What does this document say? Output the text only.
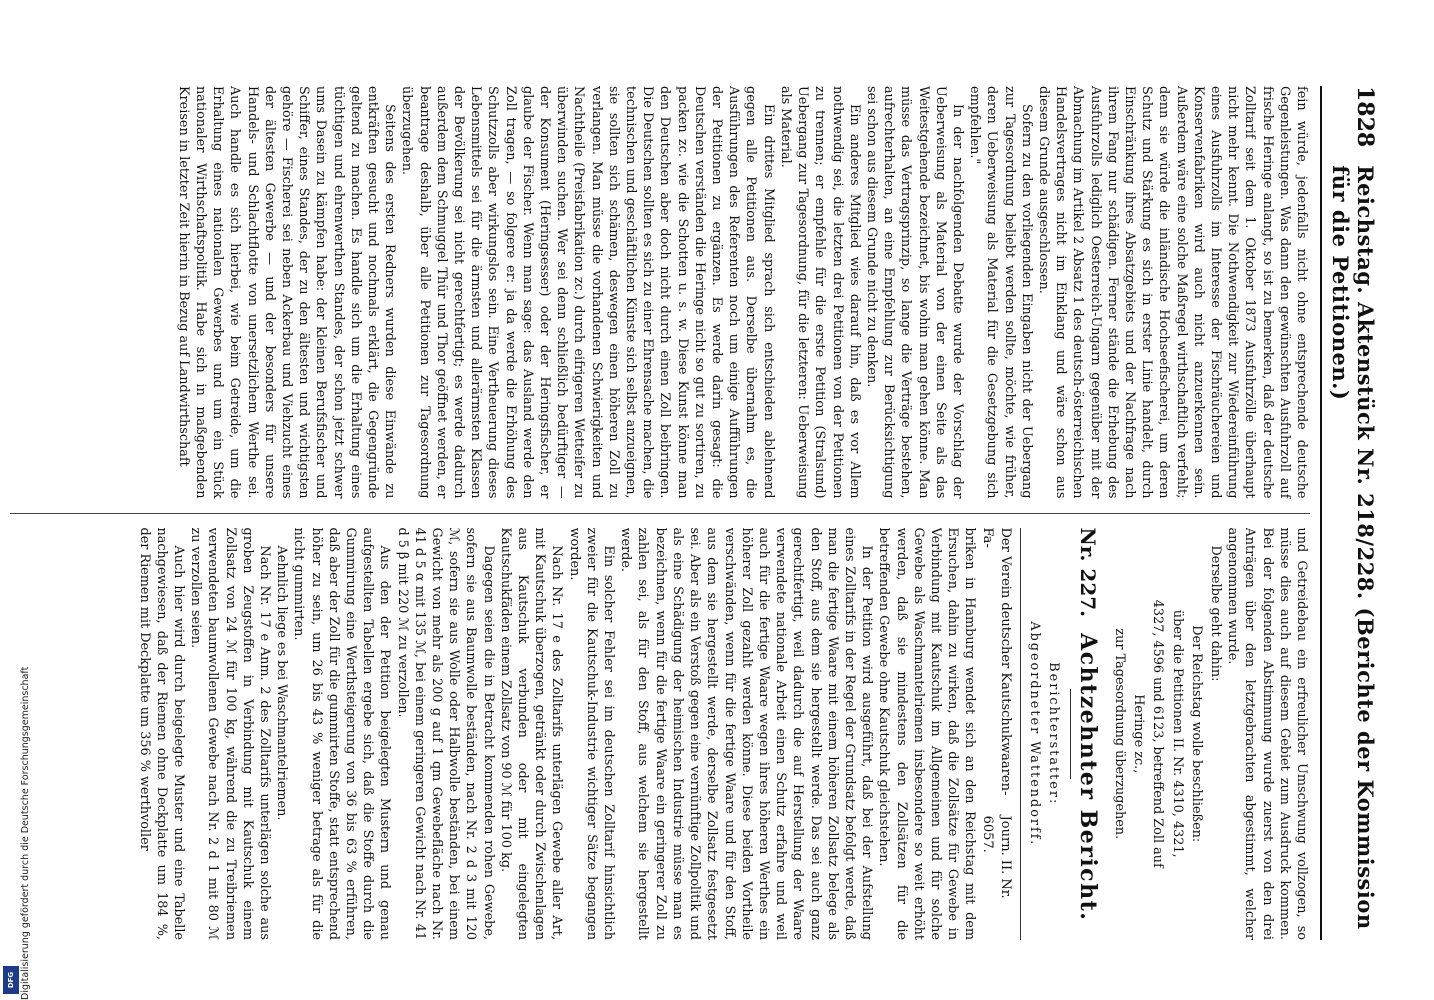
Digitalisierung gefördert durch die Deutsche Forschungsgemeinschaft
DFG
1828
Reichstag. Aktenstück Nr. 218/228. (Berichte der Kommission für die Petitionen.)

fein würde, jedenfalls nicht ohne entsprechende deutsche Gegenleistungen. Was dann den gewünschten Ausfuhrzoll auf frische Heringe anlangt, so ist zu bemerken, daß der deutsche Zolltarif seit dem 1. Oktober 1873 Ausfuhrzölle überhaupt nicht mehr kennt. Die Nothwendigkeit zur Wiedereinführung eines Ausfuhrzolls im Interesse der Fischräuchereien und Konservenfabriken wird auch nicht anzuerkennen sein. Außerdem wäre eine solche Maßregel wirthschaftlich verfehlt; denn sie würde die inländische Hochseefischerei, um deren Schutz und Stärkung es sich in erster Linie handelt, durch Einschränkung ihres Absatzgebiets und der Nachfrage nach ihrem Fang nur schädigen. Ferner stände die Erhebung des Ausfuhrzolls lediglich Oesterreich-Ungarn gegenüber mit der Abmachung im Artikel 2 Absatz 1 des deutsch-österreichischen Handelsvertrages nicht im Einklang und wäre schon aus diesem Grunde ausgeschlossen.

Sofern zu den vorliegenden Eingaben nicht der Uebergang zur Tagesordnung beliebt werden sollte, möchte, wie früher, deren Ueberweisung als Material für die Gesetzgebung sich empfehlen."

In der nachfolgenden Debatte wurde der Vorschlag der Ueberweisung als Material von der einen Seite als das Weitestgehende bezeichnet, bis wohin man gehen könne. Man müsse das Vertragsprinzip, so lange die Verträge bestehen, aufrechterhalten, an eine Empfehlung zur Berücksichtigung sei schon aus diesem Grunde nicht zu denken.

Ein anderes Mitglied wies darauf hin, daß es vor Allem nothwendig sei, die letzten drei Petitionen von der Petitionen zu trennen; er empfehle für die erste Petition (Stralsund) Uebergang zur Tagesordnung, für die letzteren: Ueberweisung als Material.

Ein drittes Mitglied sprach sich entschieden ablehnend gegen alle Petitionen aus. Derselbe übernahm es, die Ausführungen des Referenten noch um einige Aufführungen der Petitionen zu ergänzen. Es werde darin gesagt: die Deutschen verständen die Heringe nicht so gut zu sortiren, zu packen zc. wie die Schotten u. s. w. Diese Kunst könne man den Deutschen aber doch nicht durch einen Zoll beibringen. Die Deutschen sollten es sich zu einer Ehrensache machen, die technischen und geschäftlichen Künste sich selbst anzueignen, sie sollten sich schämen, deswegen einen höheren Zoll zu verlangen. Man müsse die vorhandenen Schwierigkeiten und Nachtheile (Preisfabrikation zc.) durch eifrigeren Wetteifer zu überwinden suchen. Wer sei denn schließlich bedürftiger — der Konsument (Heringsesser) oder der Heringsfischer, er glaube der Fischer. Wenn man sage: das Ausland werde den Zoll tragen, — so folgere er: ja da werde die Erhöhung des Schutzzolls aber wirkungslos sein. Eine Vertheuerung dieses Lebensmittels sei für die ärmsten und allerärmsten Klassen der Bevölkerung sei nicht gerechtfertigt; es werde dadurch außerdem dem Schmuggel Thür und Thor geöffnet werden, er beantrage deshalb, über alle Petitionen zur Tagesordnung überzugehen.

Seitens des ersten Redners wurden diese Einwände zu entkräften gesucht und nochmals erklärt, die Gegengründe geltend zu machen. Es handle sich um die Erhaltung eines tüchtigen und ehrenwerthen Standes, der schon jetzt schwer ums Dasein zu kämpfen habe: der kleinen Berufsfischer und Schiffer, eines Standes, der zu den ältesten und wichtigsten gehöre — Fischerei sei neben Ackerbau und Viehzucht eines der ältesten Gewerbe — und der besonders für unsere Handels- und Schlachtflotte von unersetzlichem Werthe sei. Auch handle es sich hierbei, wie beim Getreide, um die Erhaltung eines nationalen Gewerbes und um ein Stück nationaler Wirthschaftspolitik. Habe sich in maßgebenden Kreisen in letzter Zeit hierin in Bezug auf Landwirthschaft

und Getreidebau ein erfreulicher Umschwung vollzogen, so müsse dies auch auf diesem Gebiet zum Ausdruck kommen. Bei der folgenden Abstimmung wurde zuerst von den drei Anträgen über den letztgebrachten abgestimmt, welcher angenommen wurde.

Derselbe geht dahin:

Der Reichstag wolle beschließen:

über die Petitionen II. Nr. 4310, 4321,

4327, 4596 und 6123, betreffend Zoll auf

Heringe zc.,

zur Tagesordnung überzugehen.

Nr. 227.
Achtzehnter Bericht.

Berichterstatter:

Abgeordneter Wattendorff.

Der Verein deutscher Kautschukwaaren-Fa-
Journ. II. Nr. 6057.

briken in Hamburg wendet sich an den Reichstag mit dem Ersuchen, dahin zu wirken, daß die Zollsätze für Gewebe in Verbindung mit Kautschuk im Allgemeinen und für solche Gewebe als Waschmantelriemen insbesondere so weit erhöht werden, daß sie mindestens den Zollsätzen für die betreffenden Gewebe ohne Kautschuk gleichstehen.

In der Petition wird ausgeführt, daß bei der Aufstellung eines Zolltarifs in der Regel der Grundsatz befolgt werde, daß man die fertige Waare mit einem höheren Zollsatz belege als den Stoff, aus dem sie hergestellt werde. Das sei auch ganz gerechtfertigt, weil dadurch die auf Herstellung der Waare verwendete nationale Arbeit einen Schutz erfahre und weil auch für die fertige Waare wegen ihres höheren Werthes ein höherer Zoll gezahlt werden könne. Diese beiden Vortheile verschwänden, wenn für die fertige Waare und für den Stoff, aus dem sie hergestellt werde, derselbe Zollsatz festgesetzt sei. Aber als ein Verstoß gegen eine vernünftige Zollpolitik und als eine Schädigung der heimischen Industrie müsse man es bezeichnen, wenn für die fertige Waare ein geringerer Zoll zu zahlen sei, als für den Stoff, aus welchem sie hergestellt werde.

Ein solcher Fehler sei im deutschen Zolltarif hinsichtlich zweier für die Kautschuk-Industrie wichtiger Sätze begangen worden.

Nach Nr. 17 e des Zolltarifs unterlägen Gewebe aller Art, mit Kautschuk überzogen, getränkt oder durch Zwischenlagen aus Kautschuk verbunden oder mit eingelegten Kautschukfäden einem Zollsatz von 90 ℳ für 100 kg.

Dagegen seien die in Betracht kommenden rohen Gewebe, sofern sie aus Baumwolle beständen, nach Nr. 2 d 3 mit 120 ℳ, sofern sie aus Wolle oder Halbwolle beständen, bei einem Gewicht von mehr als 200 g auf 1 qm Gewebefläche nach Nr. 41 d 5 α mit 135 ℳ, bei einem geringeren Gewicht nach Nr. 41 d 5 β mit 220 ℳ zu verzollen.

Aus den der Petition beigelegten Mustern und genau aufgestellten Tabellen ergebe sich, daß die Stoffe durch die Gummirung eine Werthsteigerung von 36 bis 63 % erführen, daß aber der Zoll für die gummirten Stoffe, statt entsprechend höher zu sein, um 26 bis 43 % weniger betrage als für die nicht gummirten.

Aehnlich liege es bei Waschmantelriemen.

Nach Nr. 17 e Anm. 2 des Zolltarifs unterlägen solche aus groben Zeugstoffen in Verbindung mit Kautschuk einem Zollsatz von 24 ℳ für 100 kg, während die zu Treibriemen verwendeten baumwollenen Gewebe nach Nr. 2 d 1 mit 80 ℳ zu verzollen seien.

Auch hier wird durch beigelegte Muster und eine Tabelle nachgewiesen, daß der Riemen ohne Deckplatte um 184 %, der Riemen mit Deckplatte um 356 % werthvoller
